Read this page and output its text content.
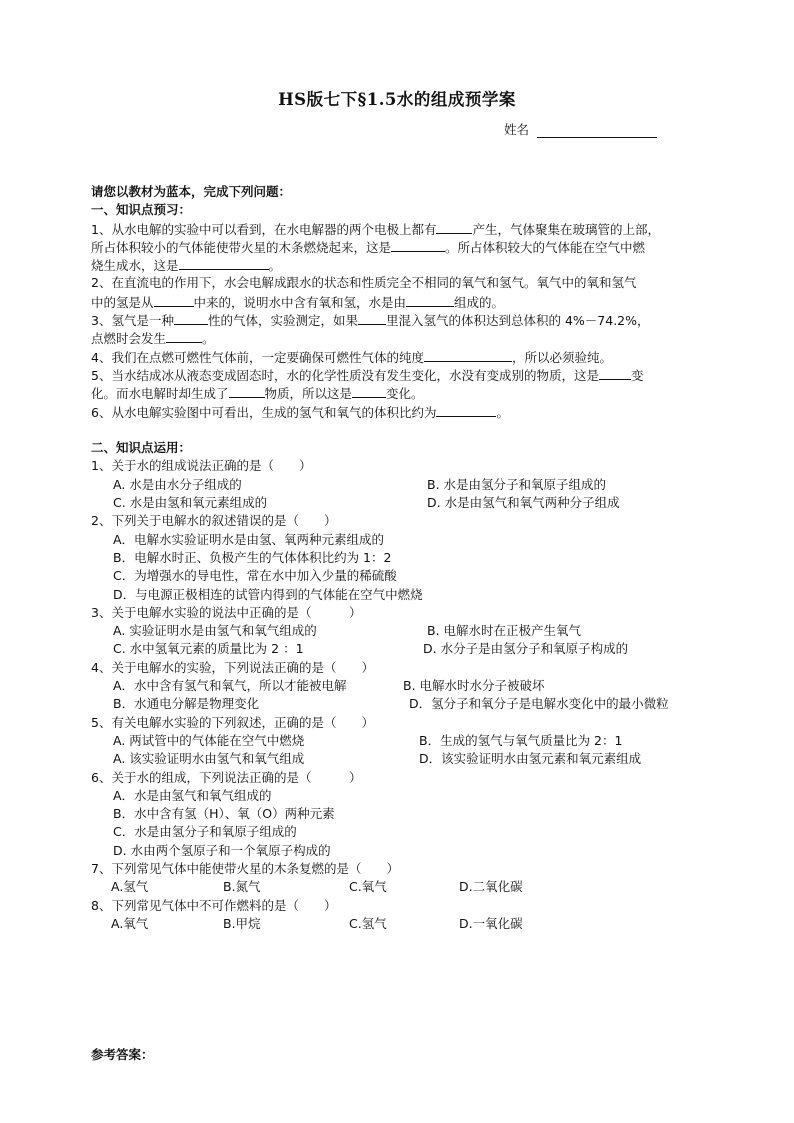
HS版七下§1.5水的组成预学案
姓名
请您以教材为蓝本，完成下列问题：
一、知识点预习：
1、从水电解的实验中可以看到，在水电解器的两个电极上都有	产生，气体聚集在玻璃管的上部，
所占体积较小的气体能使带火星的木条燃烧起来，这是	。所占体积较大的气体能在空气中燃
烧生成水，这是	。
2、在直流电的作用下，水会电解成跟水的状态和性质完全不相同的氧气和氢气。氧气中的氧和氢气
中的氢是从	中来的，说明水中含有氧和氢，水是由	组成的。
3、氢气是一种	性的气体，实验测定，如果 里混入氢气的体积达到总体积的 4%－74.2%，
点燃时会发生	。
4、我们在点燃可燃性气体前，一定要确保可燃性气体的纯度	，所以必须验纯。
5、当水结成冰从液态变成固态时，水的化学性质没有发生变化，水没有变成别的物质，这是	变
化。而水电解时却生成了	物质，所以这是	变化。
6、从水电解实验图中可看出，生成的氢气和氧气的体积比约为	。
二、知识点运用：
1、关于水的组成说法正确的是（　　）
A. 水是由水分子组成的	B. 水是由氢分子和氧原子组成的
C. 水是由氢和氧元素组成的	D. 水是由氢气和氧气两种分子组成
2、下列关于电解水的叙述错误的是（　　）
A．电解水实验证明水是由氢、氧两种元素组成的
B．电解水时正、负极产生的气体体积比约为 1：2
C．为增强水的导电性，常在水中加入少量的稀硫酸
D．与电源正极相连的试管内得到的气体能在空气中燃烧
3、关于电解水实验的说法中正确的是（　　　）
A. 实验证明水是由氢气和氧气组成的	B. 电解水时在正极产生氧气
C. 水中氢氧元素的质量比为 2 ：1	D. 水分子是由氢分子和氧原子构成的
4、关于电解水的实验，下列说法正确的是（　　）
A．水中含有氢气和氧气，所以才能被电解	B. 电解水时水分子被破坏
B．水通电分解是物理变化	D．氢分子和氧分子是电解水变化中的最小微粒
5、有关电解水实验的下列叙述，正确的是（　　）
A. 两试管中的气体能在空气中燃烧	B．生成的氢气与氧气质量比为 2：1
A. 该实验证明水由氢气和氧气组成	D．该实验证明水由氢元素和氧元素组成
6、关于水的组成，下列说法正确的是（　　　）
A．水是由氢气和氧气组成的
B．水中含有氢（H）、氧（O）两种元素
C．水是由氢分子和氧原子组成的
D. 水由两个氢原子和一个氧原子构成的
7、下列常见气体中能使带火星的木条复燃的是（　　）
A.氢气	B.氮气	C.氧气	D.二氧化碳
8、下列常见气体中不可作燃料的是（　　）
A.氧气	B.甲烷	C.氢气	D.一氧化碳
参考答案：
